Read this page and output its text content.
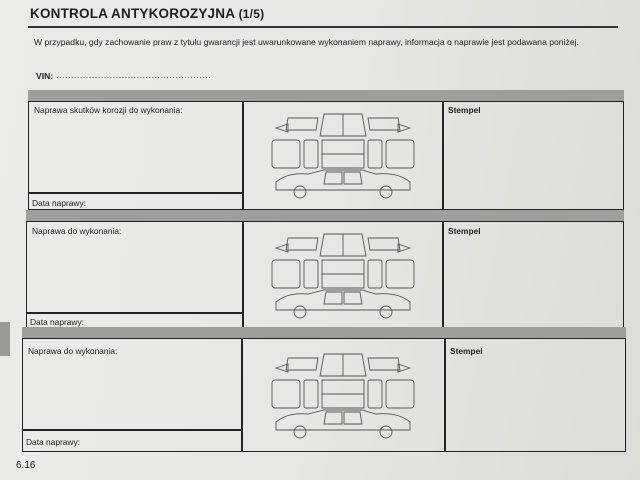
KONTROLA ANTYKOROZYJNA (1/5)
W przypadku, gdy zachowanie praw z tytułu gwarancji jest uwarunkowane wykonaniem naprawy, informacja o naprawie jest podawana poniżej.
VIN: ....................................................
Naprawa skutków korozji do wykonania:
Data naprawy:
Stempel
Naprawa do wykonania:
Data naprawy:
Stempel
Naprawa do wykonania:
Data naprawy:
Stempel
6.16
